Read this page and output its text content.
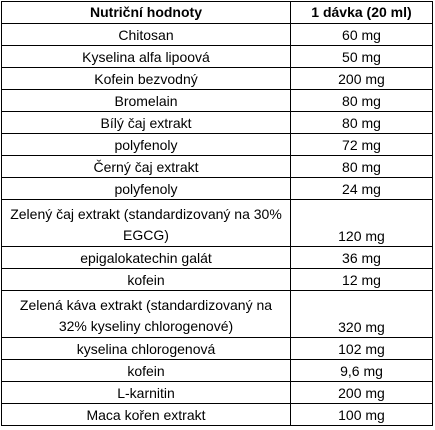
Nutriční hodnoty	1 dávka (20 ml)
Chitosan	60 mg
Kyselina alfa lipoová	50 mg
Kofein bezvodný	200 mg
Bromelain	80 mg
Bílý čaj extrakt	80 mg
polyfenoly	72 mg
Černý čaj extrakt	80 mg
polyfenoly	24 mg
Zelený čaj extrakt (standardizovaný na 30% EGCG)	120 mg
epigalokatechin galát	36 mg
kofein	12 mg
Zelená káva extrakt (standardizovaný na 32% kyseliny chlorogenové)	320 mg
kyselina chlorogenová	102 mg
kofein	9,6 mg
L-karnitin	200 mg
Maca kořen extrakt	100 mg
